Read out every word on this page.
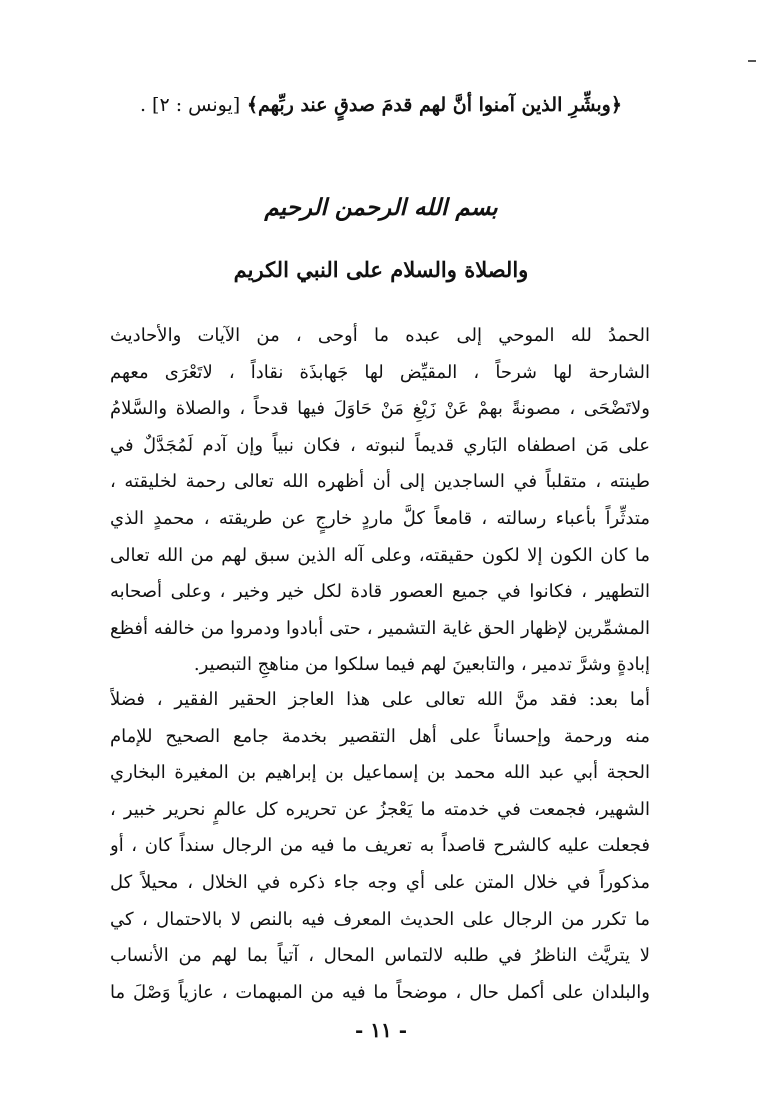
﴿وبشِّرِ الذين آمنوا أنَّ لهم قدمَ صدقٍ عند ربِّهم﴾ [يونس : ٢] .
بسم الله الرحمن الرحيم
والصلاة والسلام على النبي الكريم
الحمدُ لله الموحي إلى عبده ما أوحى ، من الآيات والأحاديث
الشارحة لها شرحاً ، المقيِّض لها جَهابذَة نقاداً ، لاتَعْرَى معهم
ولاتَضْحَى ، مصونةً بهمْ عَنْ زَيْغِ مَنْ حَاوَلَ فيها قدحاً ، والصلاة والسَّلامُ
على مَن اصطفاه البَاري قديماً لنبوته ، فكان نبياً وإن آدم لَمُجَدَّلٌ في
طينته ، متقلباً في الساجدين إلى أن أظهره الله تعالى رحمة لخليقته ،
متدثِّراً بأعباء رسالته ، قامعاً كلَّ ماردٍ خارجٍ عن طريقته ، محمدٍ الذي
ما كان الكون إلا لكون حقيقته، وعلى آله الذين سبق لهم من الله تعالى
التطهير ، فكانوا في جميع العصور قادة لكل خير وخير ، وعلى أصحابه
المشمِّرين لإظهار الحق غاية التشمير ، حتى أبادوا ودمروا من خالفه أفظع
إبادةٍ وشرَّ تدمير ، والتابعينَ لهم فيما سلكوا من مناهجِ التبصير.
أما بعد: فقد منَّ الله تعالى على هذا العاجز الحقير الفقير ، فضلاً
منه ورحمة وإحساناً على أهل التقصير بخدمة جامع الصحيح للإمام
الحجة أبي عبد الله محمد بن إسماعيل بن إبراهيم بن المغيرة البخاري
الشهير، فجمعت في خدمته ما يَعْجزُ عن تحريره كل عالمٍ نحرير خبير ،
فجعلت عليه كالشرح قاصداً به تعريف ما فيه من الرجال سنداً كان ، أو
مذكوراً في خلال المتن على أي وجه جاء ذكره في الخلال ، محيلاً كل
ما تكرر من الرجال على الحديث المعرف فيه بالنص لا بالاحتمال ، كي
لا يتريَّث الناظرُ في طلبه لالتماس المحال ، آتياً بما لهم من الأنساب
والبلدان على أكمل حال ، موضحاً ما فيه من المبهمات ، عازياً وَصْلَ ما
- ١١ -
